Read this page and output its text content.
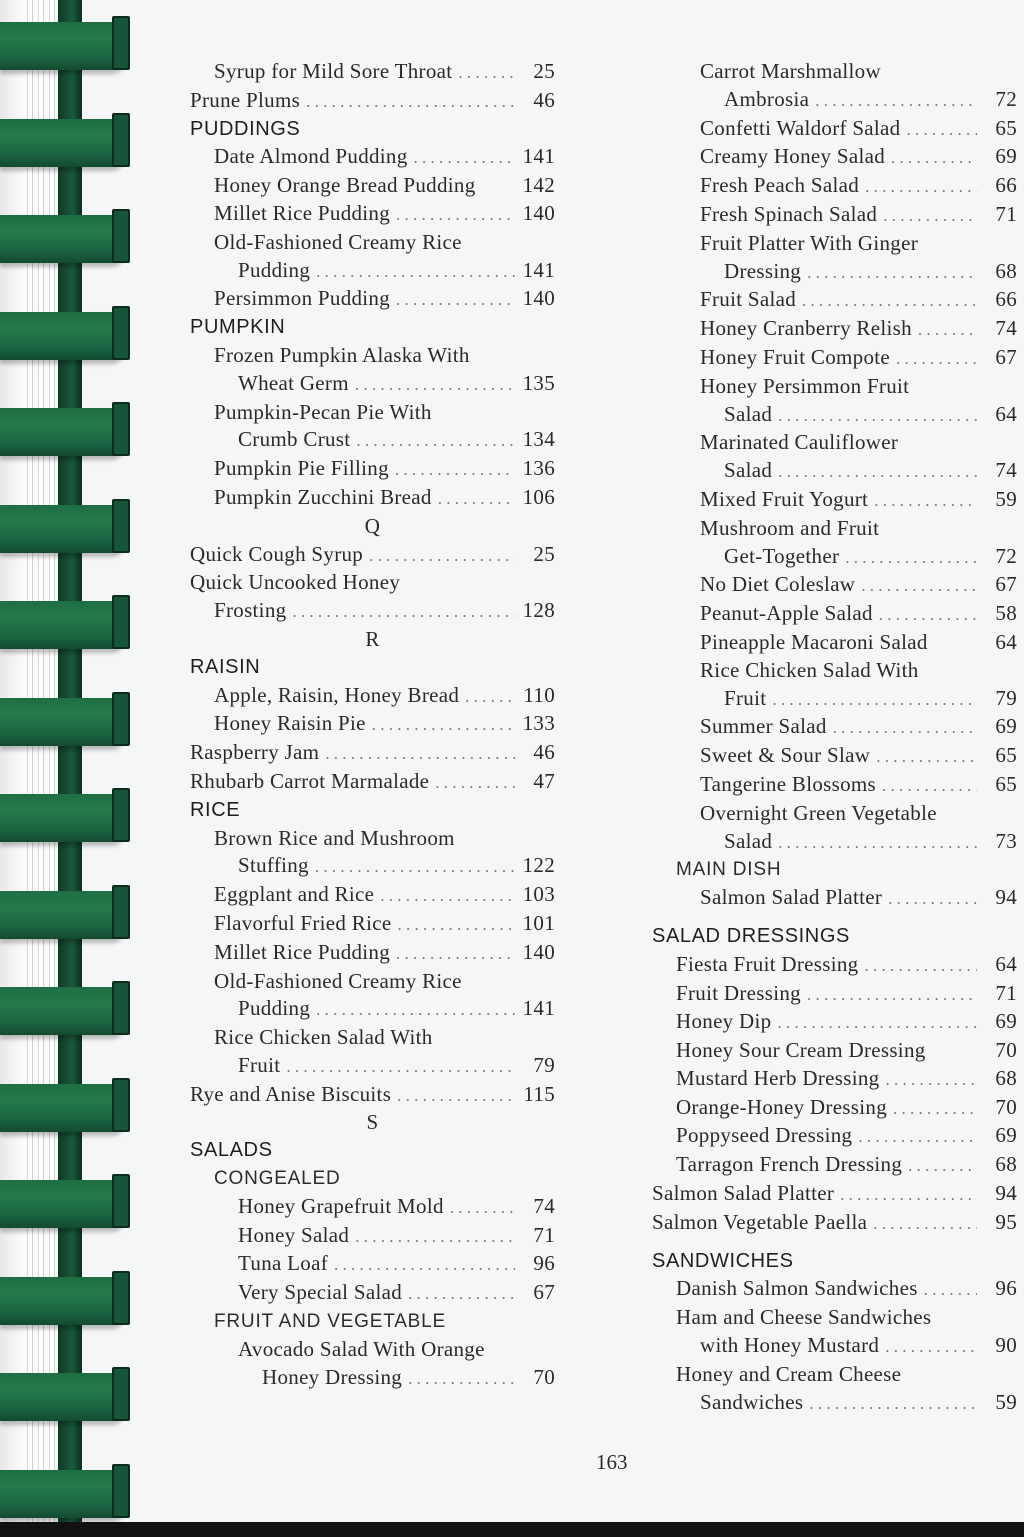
Syrup for Mild Sore Throat . . .	25
Prune Plums . . .	46
PUDDINGS
Date Almond Pudding . . .	141
Honey Orange Bread Pudding	142
Millet Rice Pudding . . .	140
Old-Fashioned Creamy Rice
Pudding . . .	141
Persimmon Pudding . . .	140
PUMPKIN
Frozen Pumpkin Alaska With
Wheat Germ . . .	135
Pumpkin-Pecan Pie With
Crumb Crust . . .	134
Pumpkin Pie Filling . . .	136
Pumpkin Zucchini Bread . . .	106
Q
Quick Cough Syrup . . .	25
Quick Uncooked Honey
Frosting . . .	128
R
RAISIN
Apple, Raisin, Honey Bread . . .	110
Honey Raisin Pie . . .	133
Raspberry Jam . . .	46
Rhubarb Carrot Marmalade . . .	47
RICE
Brown Rice and Mushroom
Stuffing . . .	122
Eggplant and Rice . . .	103
Flavorful Fried Rice . . .	101
Millet Rice Pudding . . .	140
Old-Fashioned Creamy Rice
Pudding . . .	141
Rice Chicken Salad With
Fruit . . .	79
Rye and Anise Biscuits . . .	115
S
SALADS
CONGEALED
Honey Grapefruit Mold . . .	74
Honey Salad . . .	71
Tuna Loaf . . .	96
Very Special Salad . . .	67
FRUIT AND VEGETABLE
Avocado Salad With Orange
Honey Dressing . . .	70
Carrot Marshmallow
Ambrosia . . .	72
Confetti Waldorf Salad . . .	65
Creamy Honey Salad . . .	69
Fresh Peach Salad . . .	66
Fresh Spinach Salad . . .	71
Fruit Platter With Ginger
Dressing . . .	68
Fruit Salad . . .	66
Honey Cranberry Relish . . .	74
Honey Fruit Compote . . .	67
Honey Persimmon Fruit
Salad . . .	64
Marinated Cauliflower
Salad . . .	74
Mixed Fruit Yogurt . . .	59
Mushroom and Fruit
Get-Together . . .	72
No Diet Coleslaw . . .	67
Peanut-Apple Salad . . .	58
Pineapple Macaroni Salad	64
Rice Chicken Salad With
Fruit . . .	79
Summer Salad . . .	69
Sweet & Sour Slaw . . .	65
Tangerine Blossoms . . .	65
Overnight Green Vegetable
Salad . . .	73
MAIN DISH
Salmon Salad Platter . . .	94
SALAD DRESSINGS
Fiesta Fruit Dressing . . .	64
Fruit Dressing . . .	71
Honey Dip . . .	69
Honey Sour Cream Dressing	70
Mustard Herb Dressing . . .	68
Orange-Honey Dressing . . .	70
Poppyseed Dressing . . .	69
Tarragon French Dressing . . .	68
Salmon Salad Platter . . .	94
Salmon Vegetable Paella . . .	95
SANDWICHES
Danish Salmon Sandwiches . . .	96
Ham and Cheese Sandwiches
with Honey Mustard . . .	90
Honey and Cream Cheese
Sandwiches . . .	59
163
